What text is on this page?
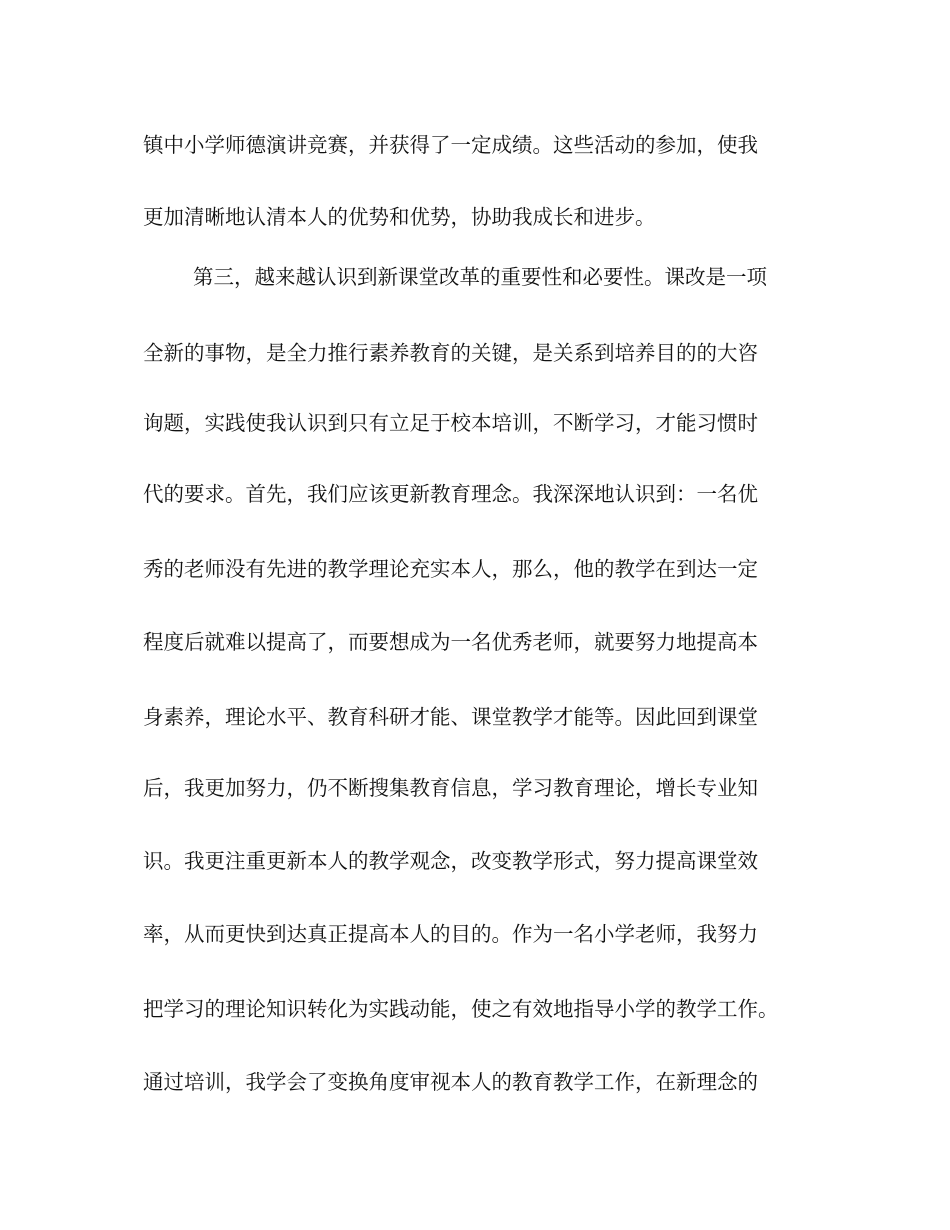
镇中小学师德演讲竞赛，并获得了一定成绩。这些活动的参加，使我
更加清晰地认清本人的优势和优势，协助我成长和进步。
第三，越来越认识到新课堂改革的重要性和必要性。课改是一项
全新的事物，是全力推行素养教育的关键，是关系到培养目的的大咨
询题，实践使我认识到只有立足于校本培训，不断学习，才能习惯时
代的要求。首先，我们应该更新教育理念。我深深地认识到：一名优
秀的老师没有先进的教学理论充实本人，那么，他的教学在到达一定
程度后就难以提高了，而要想成为一名优秀老师，就要努力地提高本
身素养，理论水平、教育科研才能、课堂教学才能等。因此回到课堂
后，我更加努力，仍不断搜集教育信息，学习教育理论，增长专业知
识。我更注重更新本人的教学观念，改变教学形式，努力提高课堂效
率，从而更快到达真正提高本人的目的。作为一名小学老师，我努力
把学习的理论知识转化为实践动能，使之有效地指导小学的教学工作。
通过培训，我学会了变换角度审视本人的教育教学工作，在新理念的
